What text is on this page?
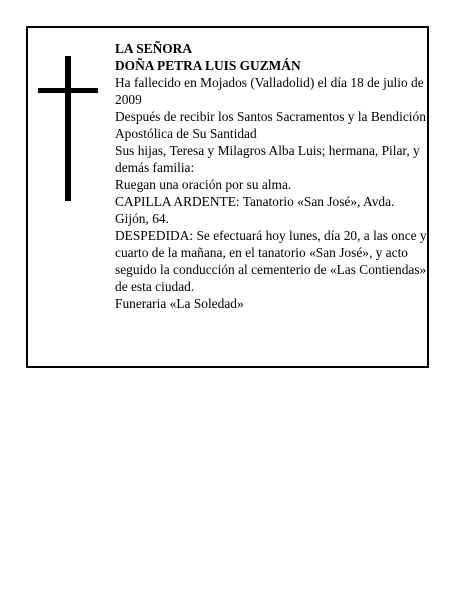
LA SEÑORA

DOÑA PETRA LUIS GUZMÁN

Ha fallecido en Mojados (Valladolid) el día 18 de julio de 2009

Después de recibir los Santos Sacramentos y la Bendición Apostólica de Su Santidad

Sus hijas, Teresa y Milagros Alba Luis; hermana, Pilar, y demás familia:

Ruegan una oración por su alma.

CAPILLA ARDENTE: Tanatorio «San José», Avda. Gijón, 64.

DESPEDIDA: Se efectuará hoy lunes, día 20, a las once y cuarto de la mañana, en el tanatorio «San José», y acto seguido la conducción al cementerio de «Las Contiendas», de esta ciudad.

Funeraria «La Soledad»
